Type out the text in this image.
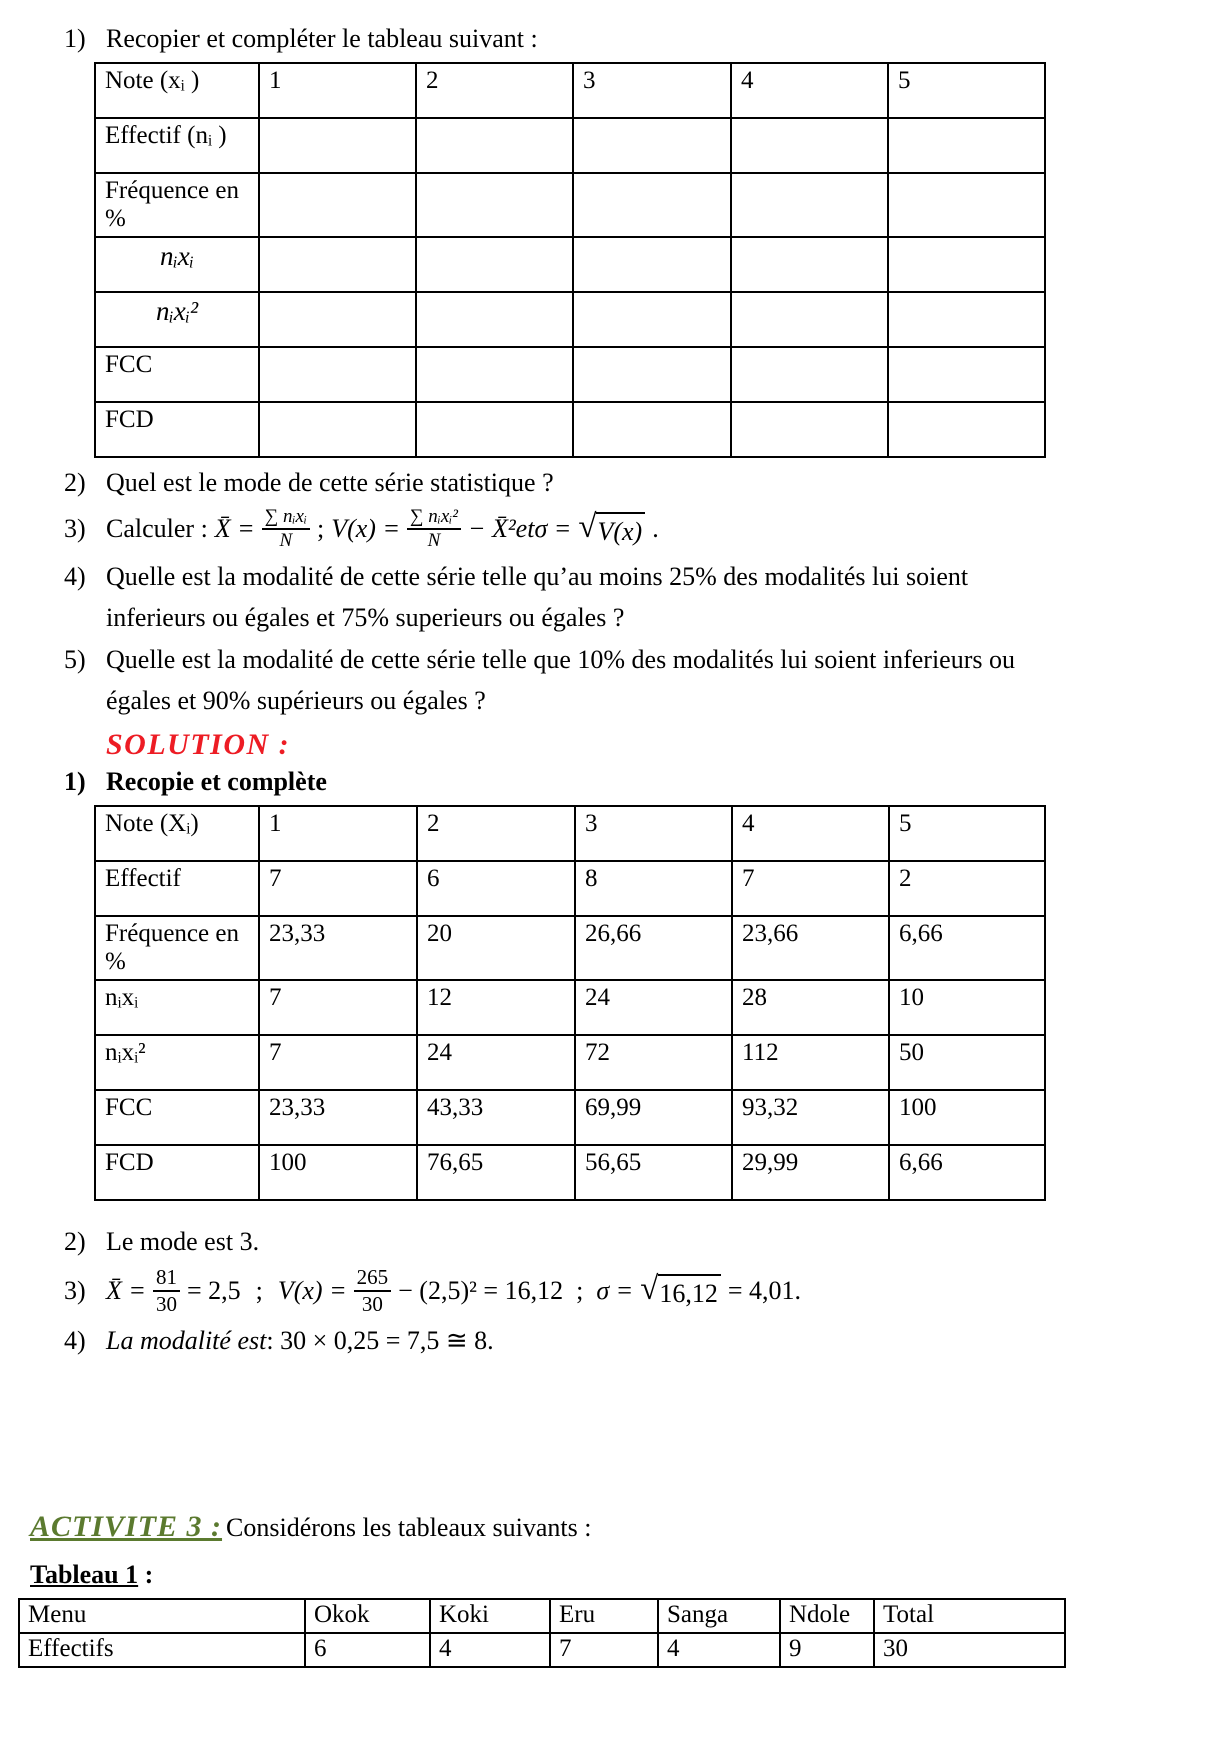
1) Recopier et compléter le tableau suivant :
Note (xᵢ )	1	2	3	4	5
Effectif (nᵢ )					
Fréquence en %					
nᵢxᵢ					
nᵢxᵢ²					
FCC					
FCD					
2) Quel est le mode de cette série statistique ?
3) Calculer : X̄ = $\frac{\text{∑ nᵢxᵢ}}{N}$ ; $V(x) = \frac{\text{∑ nᵢxᵢ²}}{N}$ − X̄²etσ = √ V(x) .
4) Quelle est la modalité de cette série telle qu’au moins 25% des modalités lui soient
inferieurs ou égales et 75% superieurs ou égales ?
5) Quelle est la modalité de cette série telle que 10% des modalités lui soient inferieurs ou
égales et 90% supérieurs ou égales ?
SOLUTION :
1) Recopie et complète
Note (Xᵢ)	1	2	3	4	5
Effectif	7	6	8	7	2
Fréquence en %	23,33	20	26,66	23,66	6,66
nᵢxᵢ	7	12	24	28	10
nᵢxᵢ²	7	24	72	112	50
FCC	23,33	43,33	69,99	93,32	100
FCD	100	76,65	56,65	29,99	6,66
2) Le mode est 3.
3) X̄ = $\frac{81}{30} = 2,5$ ; $V(x) = \frac{265}{30} - (2,5)^2 = 16,12$ ; σ = √ 16,12 = 4,01.
4) La modalité est: 30 × 0,25 = 7,5 ≅ 8.
ACTIVITE 3 : Considérons les tableaux suivants :
Tableau 1 :
Menu	Okok	Koki	Eru	Sanga	Ndole	Total
Effectifs	6	4	7	4	9	30
